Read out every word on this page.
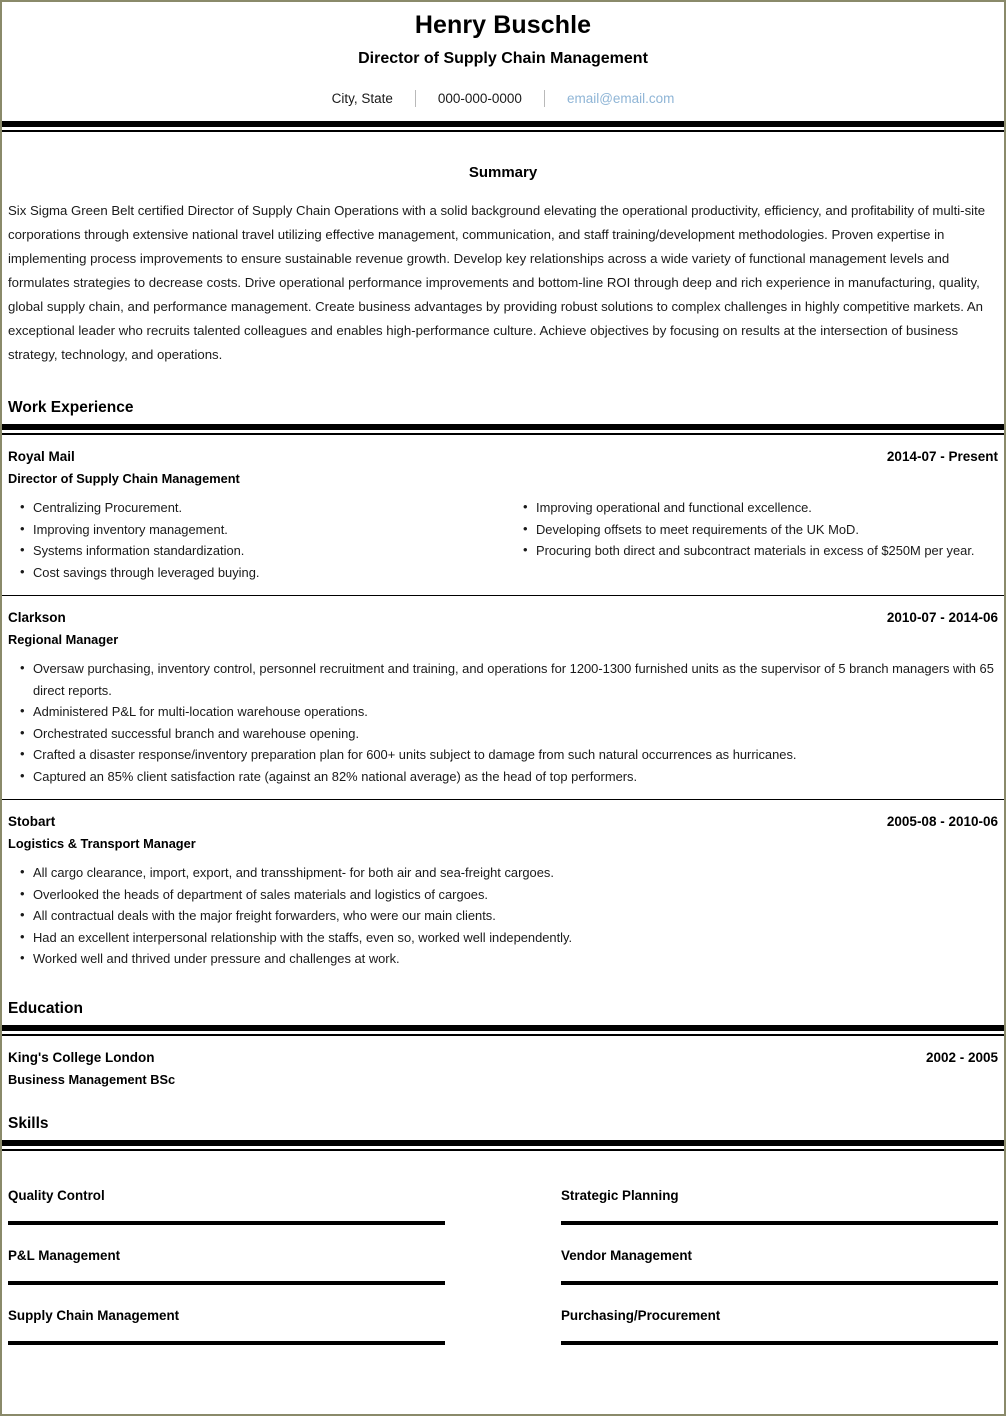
Henry Buschle
Director of Supply Chain Management
City, State	000-000-0000	email@email.com
Summary
Six Sigma Green Belt certified Director of Supply Chain Operations with a solid background elevating the operational productivity, efficiency, and profitability of multi-site corporations through extensive national travel utilizing effective management, communication, and staff training/development methodologies. Proven expertise in implementing process improvements to ensure sustainable revenue growth. Develop key relationships across a wide variety of functional management levels and formulates strategies to decrease costs. Drive operational performance improvements and bottom-line ROI through deep and rich experience in manufacturing, quality, global supply chain, and performance management. Create business advantages by providing robust solutions to complex challenges in highly competitive markets. An exceptional leader who recruits talented colleagues and enables high-performance culture. Achieve objectives by focusing on results at the intersection of business strategy, technology, and operations.
Work Experience
Royal Mail	2014-07 - Present
Director of Supply Chain Management
• Centralizing Procurement.
• Improving inventory management.
• Systems information standardization.
• Cost savings through leveraged buying.
• Improving operational and functional excellence.
• Developing offsets to meet requirements of the UK MoD.
• Procuring both direct and subcontract materials in excess of $250M per year.
Clarkson	2010-07 - 2014-06
Regional Manager
• Oversaw purchasing, inventory control, personnel recruitment and training, and operations for 1200-1300 furnished units as the supervisor of 5 branch managers with 65 direct reports.
• Administered P&L for multi-location warehouse operations.
• Orchestrated successful branch and warehouse opening.
• Crafted a disaster response/inventory preparation plan for 600+ units subject to damage from such natural occurrences as hurricanes.
• Captured an 85% client satisfaction rate (against an 82% national average) as the head of top performers.
Stobart	2005-08 - 2010-06
Logistics & Transport Manager
• All cargo clearance, import, export, and transshipment- for both air and sea-freight cargoes.
• Overlooked the heads of department of sales materials and logistics of cargoes.
• All contractual deals with the major freight forwarders, who were our main clients.
• Had an excellent interpersonal relationship with the staffs, even so, worked well independently.
• Worked well and thrived under pressure and challenges at work.
Education
King's College London	2002 - 2005
Business Management BSc
Skills
Quality Control	Strategic Planning
P&L Management	Vendor Management
Supply Chain Management	Purchasing/Procurement
